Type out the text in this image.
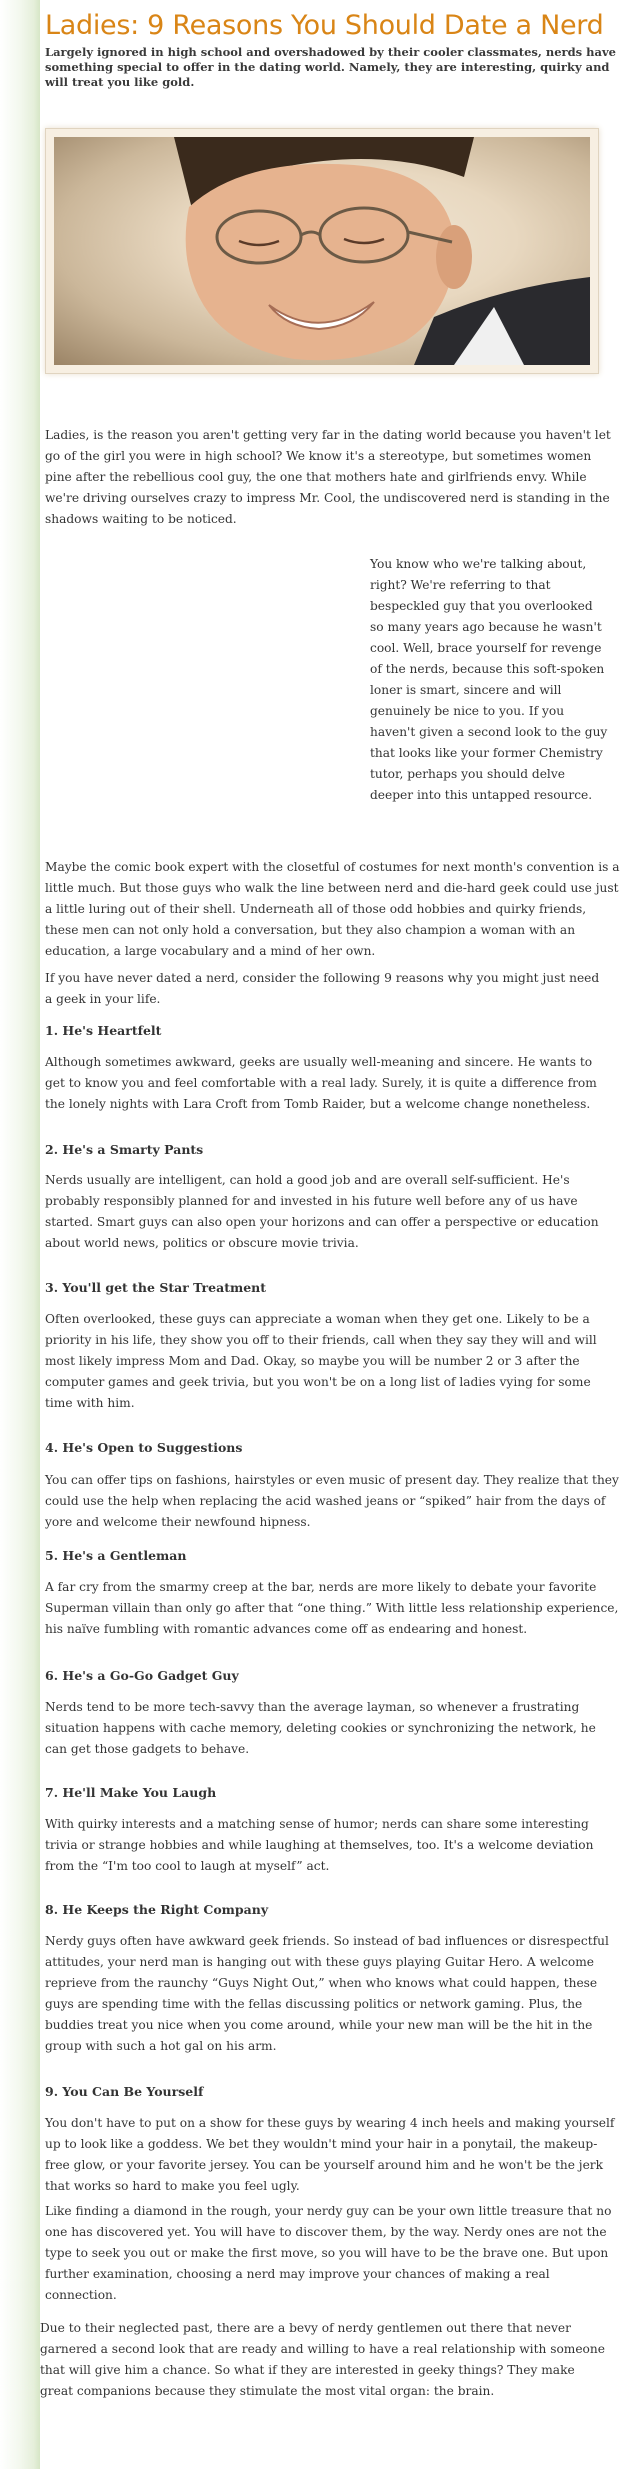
Ladies: 9 Reasons You Should Date a Nerd

Largely ignored in high school and overshadowed by their cooler classmates, nerds have something special to offer in the dating world. Namely, they are interesting, quirky and will treat you like gold.

Ladies, is the reason you aren't getting very far in the dating world because you haven't let go of the girl you were in high school? We know it's a stereotype, but sometimes women pine after the rebellious cool guy, the one that mothers hate and girlfriends envy. While we're driving ourselves crazy to impress Mr. Cool, the undiscovered nerd is standing in the shadows waiting to be noticed.

You know who we're talking about, right? We're referring to that bespeckled guy that you overlooked so many years ago because he wasn't cool. Well, brace yourself for revenge of the nerds, because this soft-spoken loner is smart, sincere and will genuinely be nice to you. If you haven't given a second look to the guy that looks like your former Chemistry tutor, perhaps you should delve deeper into this untapped resource.

Maybe the comic book expert with the closetful of costumes for next month's convention is a little much. But those guys who walk the line between nerd and die-hard geek could use just a little luring out of their shell. Underneath all of those odd hobbies and quirky friends, these men can not only hold a conversation, but they also champion a woman with an education, a large vocabulary and a mind of her own.

If you have never dated a nerd, consider the following 9 reasons why you might just need a geek in your life.

1. He's Heartfelt

Although sometimes awkward, geeks are usually well-meaning and sincere. He wants to get to know you and feel comfortable with a real lady. Surely, it is quite a difference from the lonely nights with Lara Croft from Tomb Raider, but a welcome change nonetheless.

2. He's a Smarty Pants

Nerds usually are intelligent, can hold a good job and are overall self-sufficient. He's probably responsibly planned for and invested in his future well before any of us have started. Smart guys can also open your horizons and can offer a perspective or education about world news, politics or obscure movie trivia.

3. You'll get the Star Treatment

Often overlooked, these guys can appreciate a woman when they get one. Likely to be a priority in his life, they show you off to their friends, call when they say they will and will most likely impress Mom and Dad. Okay, so maybe you will be number 2 or 3 after the computer games and geek trivia, but you won't be on a long list of ladies vying for some time with him.

4. He's Open to Suggestions

You can offer tips on fashions, hairstyles or even music of present day. They realize that they could use the help when replacing the acid washed jeans or “spiked” hair from the days of yore and welcome their newfound hipness.

5. He's a Gentleman

A far cry from the smarmy creep at the bar, nerds are more likely to debate your favorite Superman villain than only go after that “one thing.” With little less relationship experience, his naïve fumbling with romantic advances come off as endearing and honest.

6. He's a Go-Go Gadget Guy

Nerds tend to be more tech-savvy than the average layman, so whenever a frustrating situation happens with cache memory, deleting cookies or synchronizing the network, he can get those gadgets to behave.

7. He'll Make You Laugh

With quirky interests and a matching sense of humor; nerds can share some interesting trivia or strange hobbies and while laughing at themselves, too. It's a welcome deviation from the “I'm too cool to laugh at myself” act.

8. He Keeps the Right Company

Nerdy guys often have awkward geek friends. So instead of bad influences or disrespectful attitudes, your nerd man is hanging out with these guys playing Guitar Hero. A welcome reprieve from the raunchy “Guys Night Out,” when who knows what could happen, these guys are spending time with the fellas discussing politics or network gaming. Plus, the buddies treat you nice when you come around, while your new man will be the hit in the group with such a hot gal on his arm.

9. You Can Be Yourself

You don't have to put on a show for these guys by wearing 4 inch heels and making yourself up to look like a goddess. We bet they wouldn't mind your hair in a ponytail, the makeup-free glow, or your favorite jersey. You can be yourself around him and he won't be the jerk that works so hard to make you feel ugly.

Like finding a diamond in the rough, your nerdy guy can be your own little treasure that no one has discovered yet. You will have to discover them, by the way. Nerdy ones are not the type to seek you out or make the first move, so you will have to be the brave one. But upon further examination, choosing a nerd may improve your chances of making a real connection.

Due to their neglected past, there are a bevy of nerdy gentlemen out there that never garnered a second look that are ready and willing to have a real relationship with someone that will give him a chance. So what if they are interested in geeky things? They make great companions because they stimulate the most vital organ: the brain.
